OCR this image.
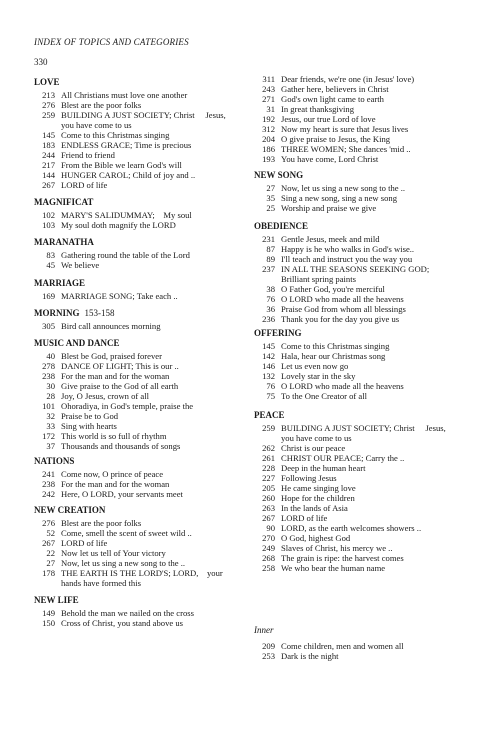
INDEX OF TOPICS AND CATEGORIES
330
LOVE
213 All Christians must love one another
276 Blest are the poor folks
259 BUILDING A JUST SOCIETY; Christ     Jesus,
you have come to us
145 Come to this Christmas singing
183 ENDLESS GRACE; Time is precious
244 Friend to friend
217 From the Bible we learn God's will
144 HUNGER CAROL; Child of joy and ..
267 LORD of life
MAGNIFICAT
102 MARY'S SALIDUMMAY;    My soul
103 My soul doth magnify the LORD
MARANATHA
83 Gathering round the table of the Lord
45 We believe
MARRIAGE
169 MARRIAGE SONG; Take each ..
MORNING 153-158
305 Bird call announces morning
MUSIC AND DANCE
40 Blest be God, praised forever
278 DANCE OF LIGHT; This is our ..
238 For the man and for the woman
30 Give praise to the God of all earth
28 Joy, O Jesus, crown of all
101 Ohoradiya, in God's temple, praise the
32 Praise be to God
33 Sing with hearts
172 This world is so full of rhythm
37 Thousands and thousands of songs
NATIONS
241 Come now, O prince of peace
238 For the man and for the woman
242 Here, O LORD, your servants meet
NEW CREATION
276 Blest are the poor folks
52 Come, smell the scent of sweet wild ..
267 LORD of life
22 Now let us tell of Your victory
27 Now, let us sing a new song to the ..
178 THE EARTH IS THE LORD'S; LORD,    your
hands have formed this
NEW LIFE
149 Behold the man we nailed on the cross
150 Cross of Christ, you stand above us
311 Dear friends, we're one (in Jesus' love)
243 Gather here, believers in Christ
271 God's own light came to earth
31 In great thanksgiving
192 Jesus, our true Lord of love
312 Now my heart is sure that Jesus lives
204 O give praise to Jesus, the King
186 THREE WOMEN; She dances 'mid ..
193 You have come, Lord Christ
NEW SONG
27 Now, let us sing a new song to the ..
35 Sing a new song, sing a new song
25 Worship and praise we give
OBEDIENCE
231 Gentle Jesus, meek and mild
87 Happy is he who walks in God's wise..
89 I'll teach and instruct you the way you
237 IN ALL THE SEASONS SEEKING GOD;
Brilliant spring paints
38 O Father God, you're merciful
76 O LORD who made all the heavens
36 Praise God from whom all blessings
236 Thank you for the day you give us
OFFERING
145 Come to this Christmas singing
142 Hala, hear our Christmas song
146 Let us even now go
132 Lovely star in the sky
76 O LORD who made all the heavens
75 To the One Creator of all
PEACE
259 BUILDING A JUST SOCIETY; Christ     Jesus,
you have come to us
262 Christ is our peace
261 CHRIST OUR PEACE; Carry the ..
228 Deep in the human heart
227 Following Jesus
205 He came singing love
260 Hope for the children
263 In the lands of Asia
267 LORD of life
90 LORD, as the earth welcomes showers ..
270 O God, highest God
249 Slaves of Christ, his mercy we ..
268 The grain is ripe: the harvest comes
258 We who bear the human name
Inner
209 Come children, men and women all
253 Dark is the night
